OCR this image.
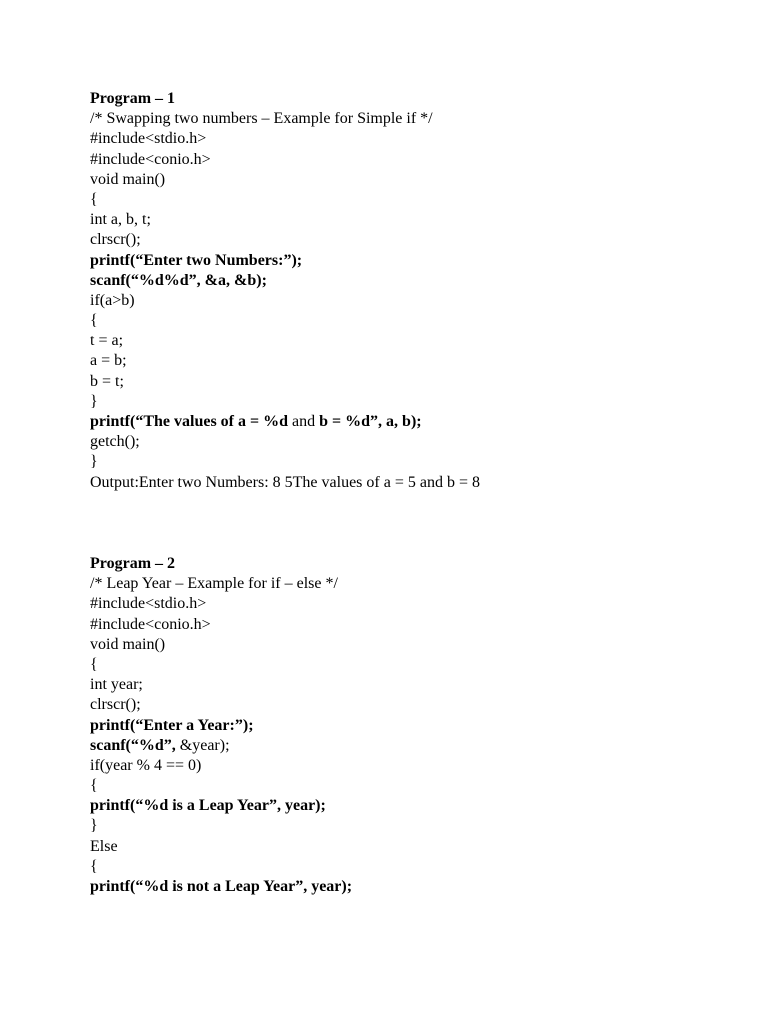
Program – 1
/* Swapping two numbers – Example for Simple if */
#include<stdio.h>
#include<conio.h>
void main()
{
int a, b, t;
clrscr();
printf(“Enter two Numbers:”);
scanf(“%d%d”, &a, &b);
if(a>b)
{
t = a;
a = b;
b = t;
}
printf(“The values of a = %d and b = %d”, a, b);
getch();
}
Output:Enter two Numbers: 8 5The values of a = 5 and b = 8
Program – 2
/* Leap Year – Example for if – else */
#include<stdio.h>
#include<conio.h>
void main()
{
int year;
clrscr();
printf(“Enter a Year:”);
scanf(“%d”, &year);
if(year % 4 == 0)
{
printf(“%d is a Leap Year”, year);
}
Else
{
printf(“%d is not a Leap Year”, year);
